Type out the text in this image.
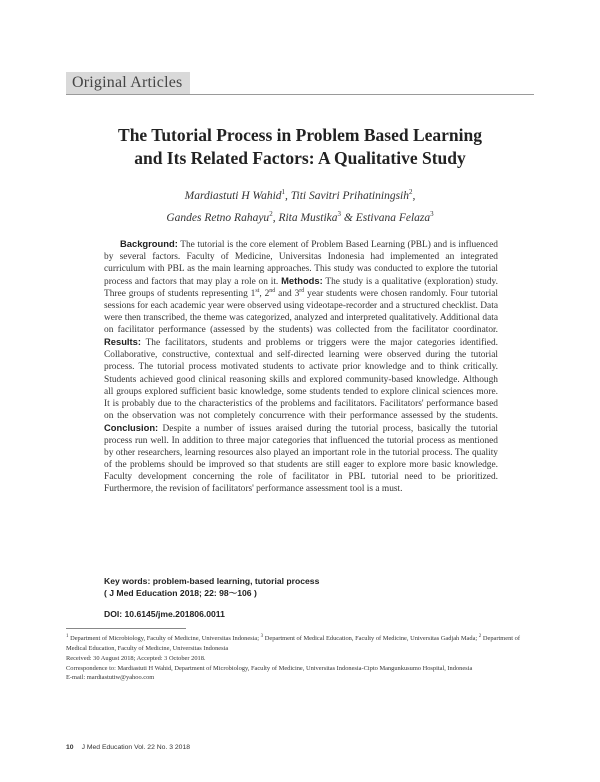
Original Articles
The Tutorial Process in Problem Based Learning
and Its Related Factors: A Qualitative Study
Mardiastuti H Wahid$^1$, Titi Savitri Prihatiningsih$^2$,
Gandes Retno Rahayu$^2$, Rita Mustika$^3$ & Estivana Felaza$^3$
Background: The tutorial is the core element of Problem Based Learning (PBL) and is influenced by several factors. Faculty of Medicine, Universitas Indonesia had implemented an integrated curriculum with PBL as the main learning approaches. This study was conducted to explore the tutorial process and factors that may play a role on it. Methods: The study is a qualitative (exploration) study. Three groups of students representing 1st, 2nd and 3rd year students were chosen randomly. Four tutorial sessions for each academic year were observed using videotape-recorder and a structured checklist. Data were then transcribed, the theme was categorized, analyzed and interpreted qualitatively. Additional data on facilitator performance (assessed by the students) was collected from the facilitator coordinator. Results: The facilitators, students and problems or triggers were the major categories identified. Collaborative, constructive, contextual and self-directed learning were observed during the tutorial process. The tutorial process motivated students to activate prior knowledge and to think critically. Students achieved good clinical reasoning skills and explored community-based knowledge. Although all groups explored sufficient basic knowledge, some students tended to explore clinical sciences more. It is probably due to the characteristics of the problems and facilitators. Facilitators' performance based on the observation was not completely concurrence with their performance assessed by the students. Conclusion: Despite a number of issues araised during the tutorial process, basically the tutorial process run well. In addition to three major categories that influenced the tutorial process as mentioned by other researchers, learning resources also played an important role in the tutorial process. The quality of the problems should be improved so that students are still eager to explore more basic knowledge. Faculty development concerning the role of facilitator in PBL tutorial need to be prioritized. Furthermore, the revision of facilitators' performance assessment tool is a must.
Key words: problem-based learning, tutorial process
( J Med Education 2018; 22: 98〜106 )
DOI: 10.6145/jme.201806.0011
$^1$ Department of Microbiology, Faculty of Medicine, Universitas Indonesia; $^3$ Department of Medical Education, Faculty of Medicine, Universitas Gadjah Mada; $^2$ Department of Medical Education, Faculty of Medicine, Universitas Indonesia
Received: 30 August 2018; Accepted: 3 October 2018.
Correspondence to: Mardiastuti H Wahid, Department of Microbiology, Faculty of Medicine, Universitas Indonesia-Cipto Mangunkusumo Hospital, Indonesia
E-mail: mardiastutiw@yahoo.com
10 J Med Education Vol. 22 No. 3 2018
